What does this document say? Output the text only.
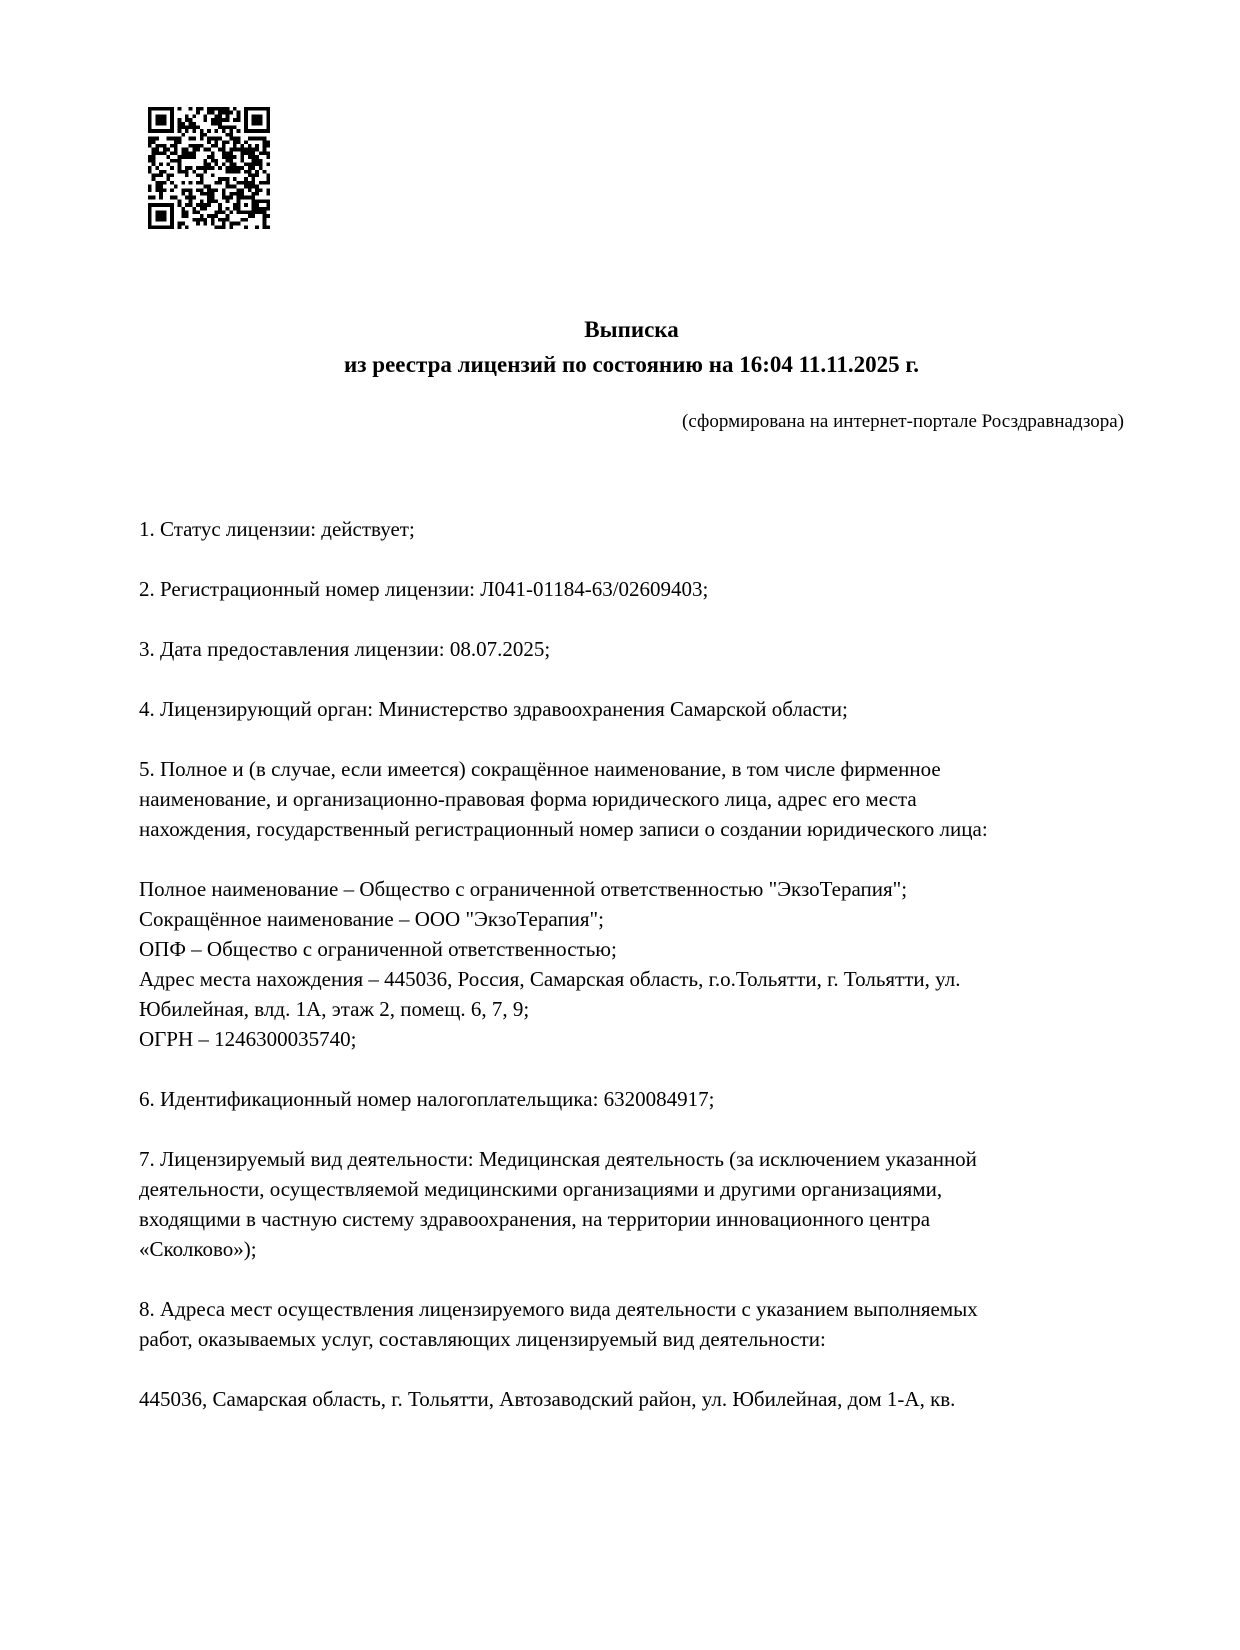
Выписка
из реестра лицензий по состоянию на 16:04 11.11.2025 г.
(сформирована на интернет-портале Росздравнадзора)
1. Статус лицензии: действует;
2. Регистрационный номер лицензии: Л041-01184-63/02609403;
3. Дата предоставления лицензии: 08.07.2025;
4. Лицензирующий орган: Министерство здравоохранения Самарской области;
5. Полное и (в случае, если имеется) сокращённое наименование, в том числе фирменное
наименование, и организационно-правовая форма юридического лица, адрес его места
нахождения, государственный регистрационный номер записи о создании юридического лица:
Полное наименование – Общество с ограниченной ответственностью "ЭкзоТерапия";
Сокращённое наименование – ООО "ЭкзоТерапия";
ОПФ – Общество с ограниченной ответственностью;
Адрес места нахождения – 445036, Россия, Самарская область, г.о.Тольятти, г. Тольятти, ул.
Юбилейная, влд. 1А, этаж 2, помещ. 6, 7, 9;
ОГРН – 1246300035740;
6. Идентификационный номер налогоплательщика: 6320084917;
7. Лицензируемый вид деятельности: Медицинская деятельность (за исключением указанной
деятельности, осуществляемой медицинскими организациями и другими организациями,
входящими в частную систему здравоохранения, на территории инновационного центра
«Сколково»);
8. Адреса мест осуществления лицензируемого вида деятельности с указанием выполняемых
работ, оказываемых услуг, составляющих лицензируемый вид деятельности:
445036, Самарская область, г. Тольятти, Автозаводский район, ул. Юбилейная, дом 1-А, кв.
